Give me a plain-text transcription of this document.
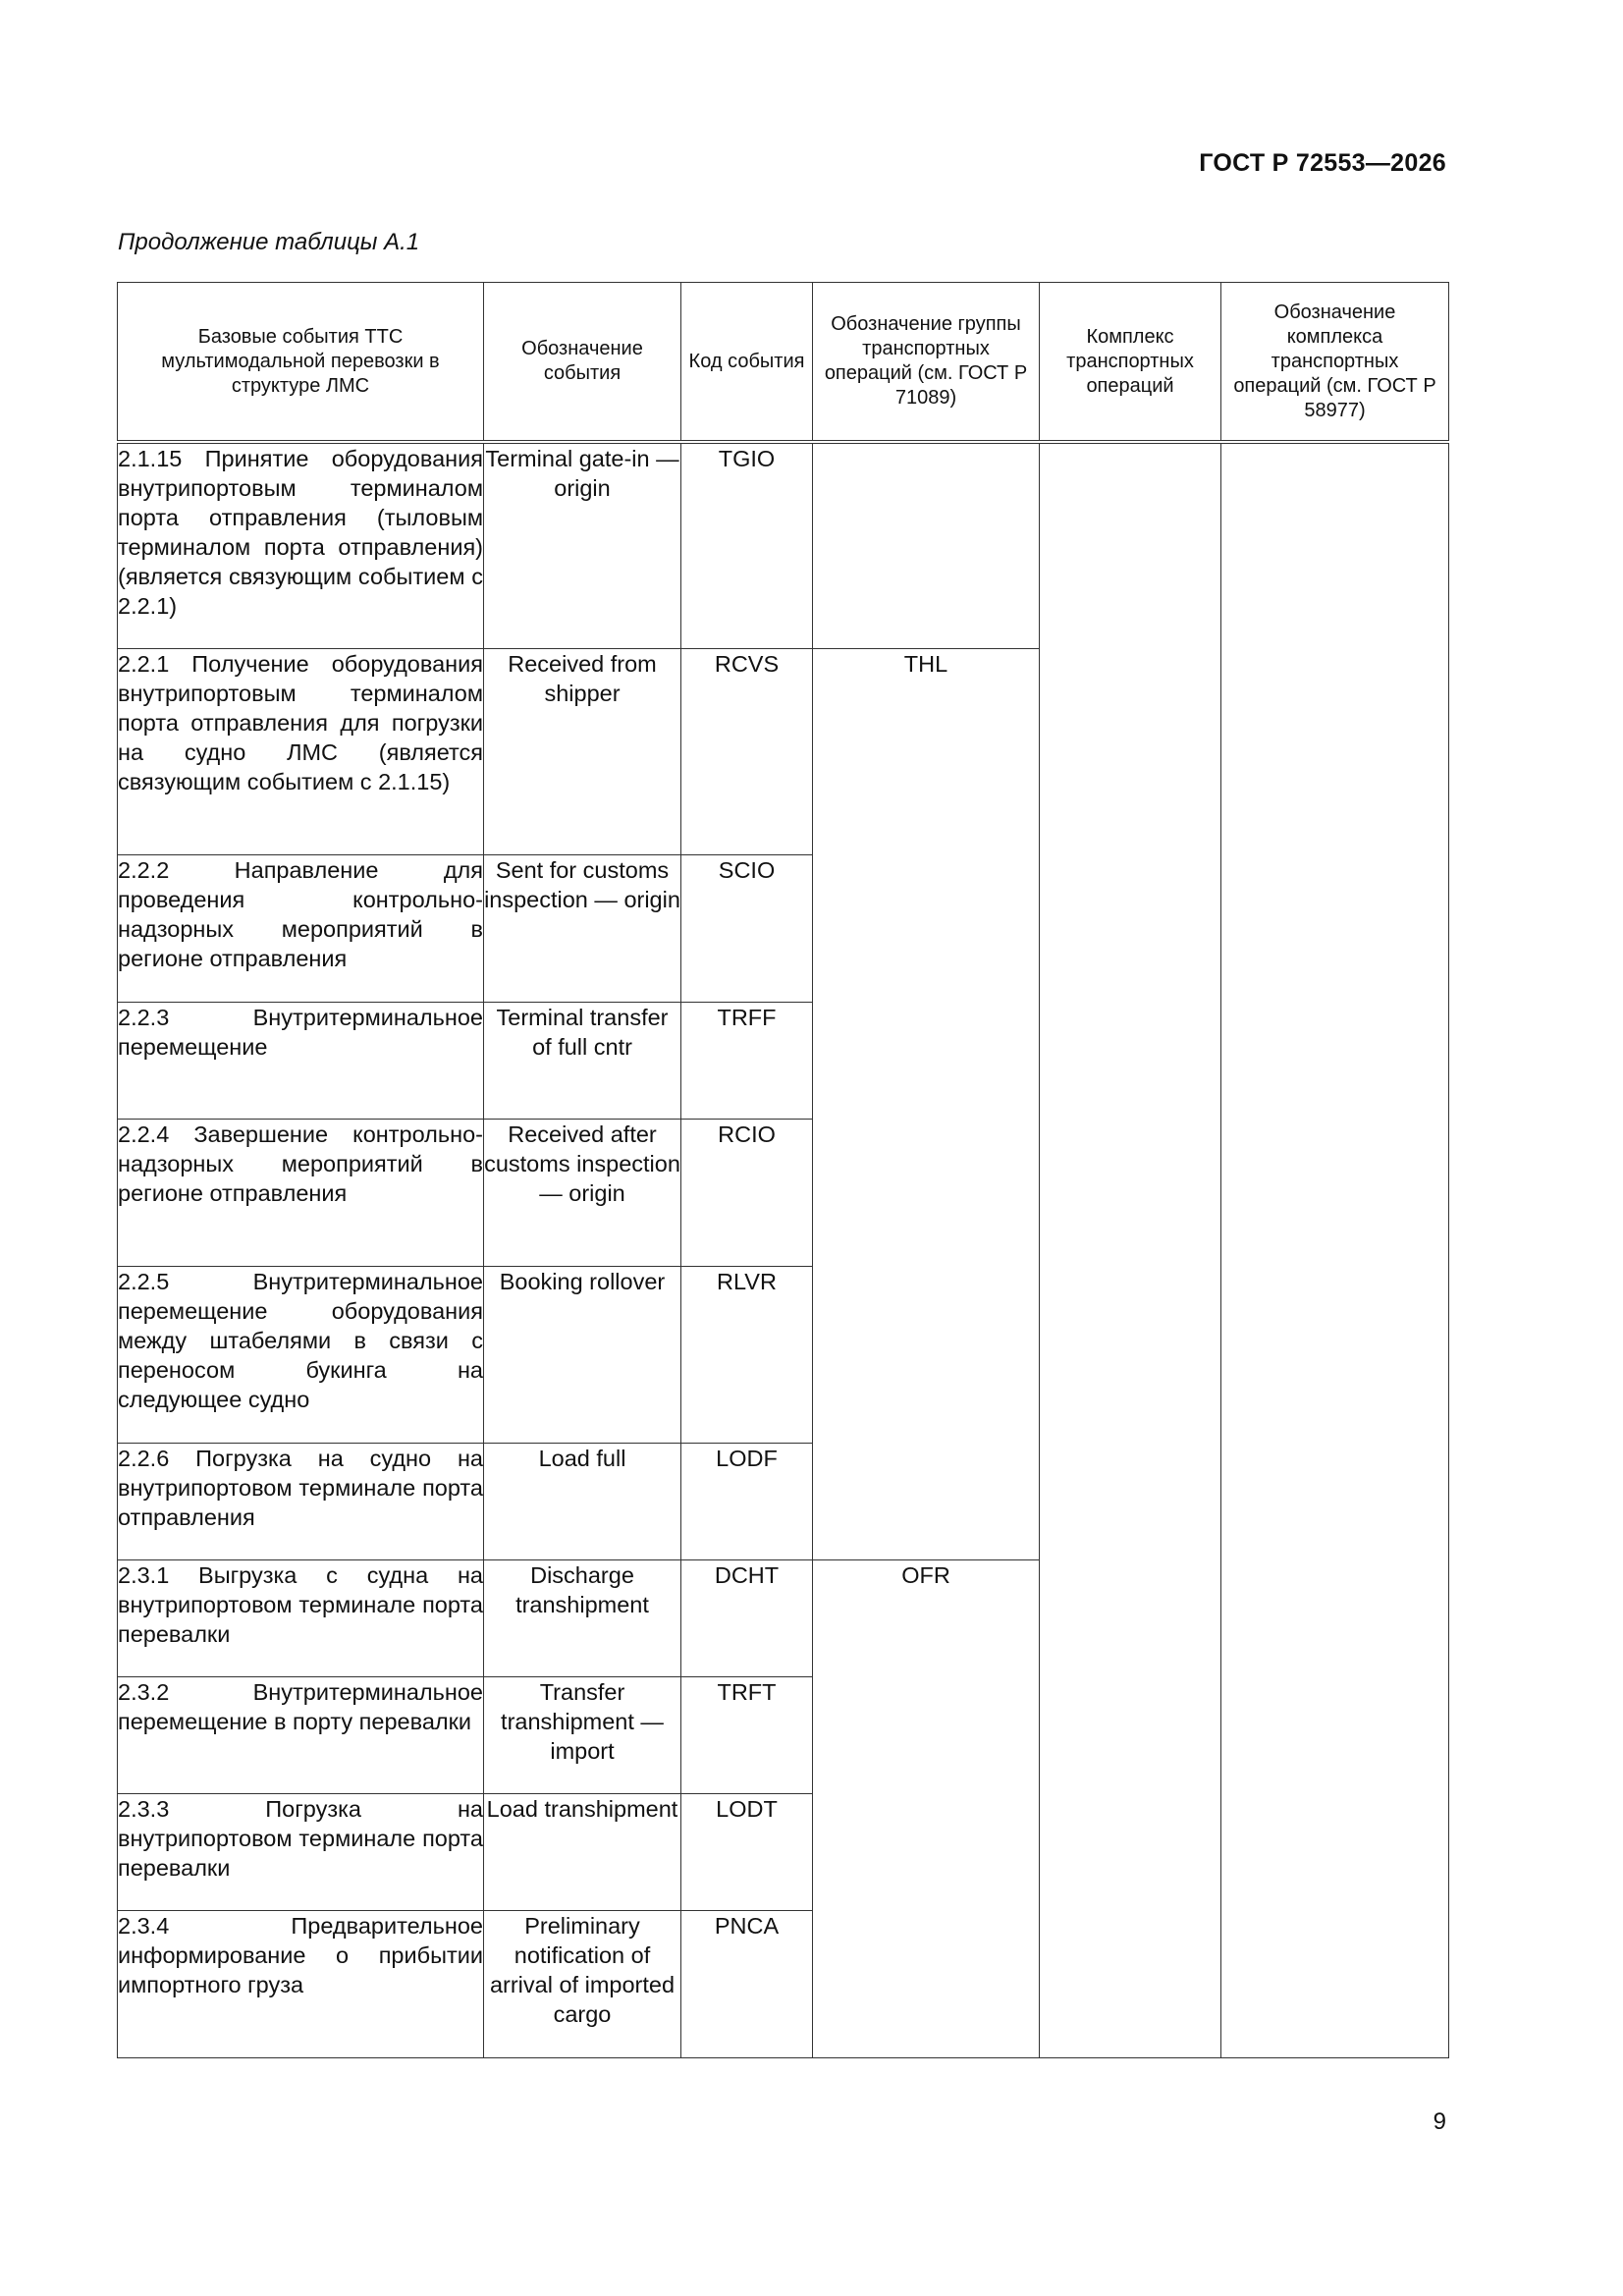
ГОСТ Р 72553—2026
Продолжение таблицы А.1
Базовые события ТТС мультимодальной перевозки в структуре ЛМС	Обозначение события	Код события	Обозначение группы транспортных операций (см. ГОСТ Р 71089)	Комплекс транспортных операций	Обозначение комплекса транспортных операций (см. ГОСТ Р 58977)

2.1.15 Принятие оборудования внутрипортовым терминалом порта отправления (тыловым терминалом порта отправления) (является связующим событием с 2.2.1)	Terminal gate-in — origin	TGIO			
2.2.1 Получение оборудования внутрипортовым терминалом порта отправления для погрузки на судно ЛМС (является связующим событием с 2.1.15)	Received from shipper	RCVS	THL		
2.2.2 Направление для проведения контрольно-надзорных мероприятий в регионе отправления	Sent for customs inspection — origin	SCIO			
2.2.3 Внутритерминальное перемещение	Terminal transfer of full cntr	TRFF			
2.2.4 Завершение контрольно-надзорных мероприятий в регионе отправления	Received after customs inspection — origin	RCIO			
2.2.5 Внутритерминальное перемещение оборудования между штабелями в связи с переносом букинга на следующее судно	Booking rollover	RLVR			
2.2.6 Погрузка на судно на внутрипортовом терминале порта отправления	Load full	LODF			
2.3.1 Выгрузка с судна на внутрипортовом терминале порта перевалки	Discharge transhipment	DCHT	OFR		
2.3.2 Внутритерминальное перемещение в порту перевалки	Transfer transhipment — import	TRFT			
2.3.3 Погрузка на внутрипортовом терминале порта перевалки	Load transhipment	LODT			
2.3.4 Предварительное информирование о прибытии импортного груза	Preliminary notification of arrival of imported cargo	PNCA			
9
